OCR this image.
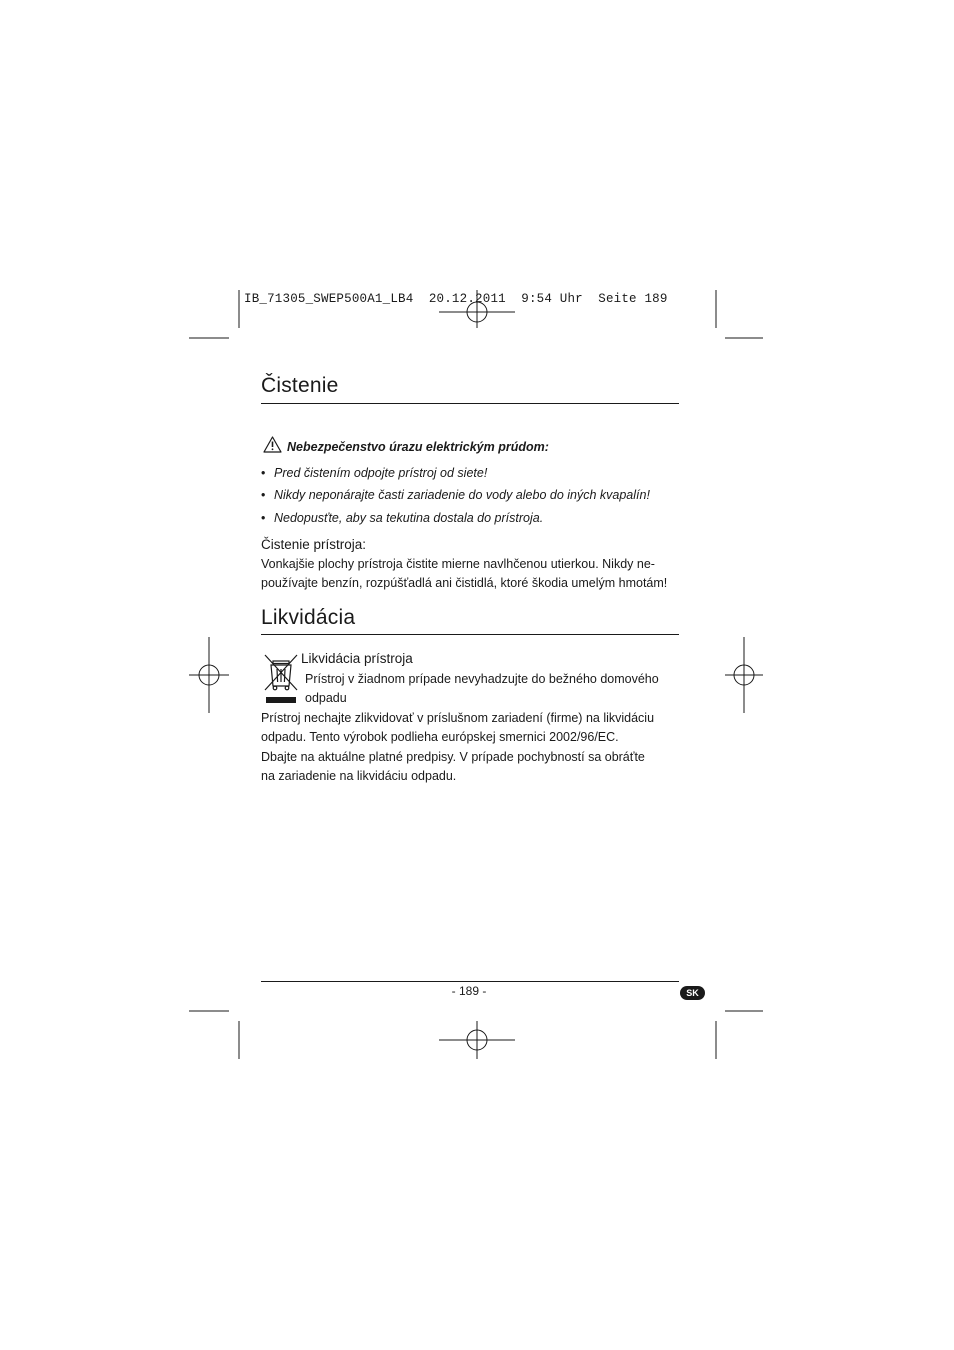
IB_71305_SWEP500A1_LB4  20.12.2011  9:54 Uhr  Seite 189
Čistenie
Nebezpečenstvo úrazu elektrickým prúdom:
• Pred čistením odpojte prístroj od siete!
• Nikdy neponárajte časti zariadenie do vody alebo do iných kvapalín!
• Nedopusťte, aby sa tekutina dostala do prístroja.
Čistenie prístroja:

Vonkajšie plochy prístroja čistite mierne navlhčenou utierkou. Nikdy ne-
používajte benzín, rozpúšťadlá ani čistidlá, ktoré škodia umelým hmotám!

Likvidácia
Likvidácia prístroja

Prístroj v žiadnom prípade nevyhadzujte do bežného domového
odpadu

Prístroj nechajte zlikvidovať v príslušnom zariadení (firme) na likvidáciu
odpadu. Tento výrobok podlieha európskej smernici 2002/96/EC.
Dbajte na aktuálne platné predpisy. V prípade pochybností sa obráťte
na zariadenie na likvidáciu odpadu.

- 189 -	SK
